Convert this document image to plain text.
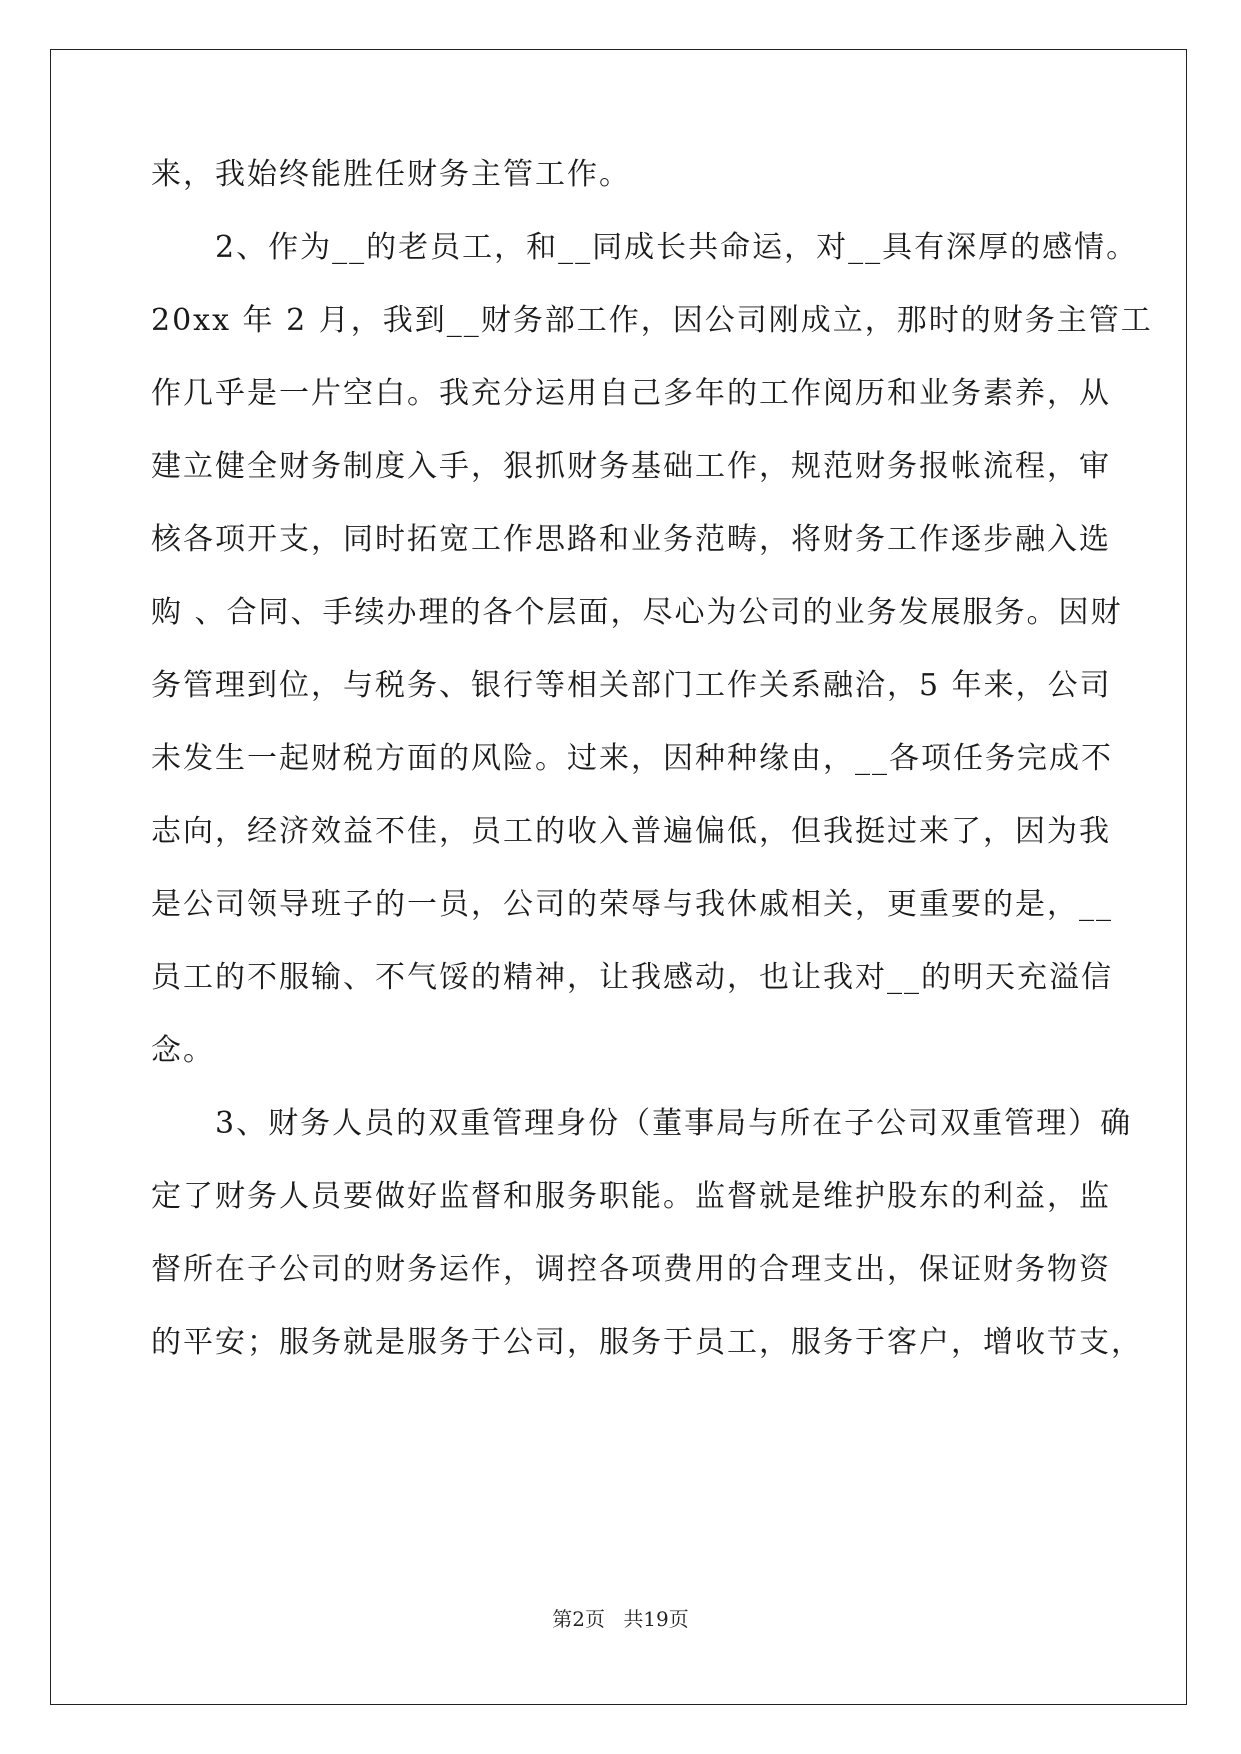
来，我始终能胜任财务主管工作。
　　2、作为__的老员工，和__同成长共命运，对__具有深厚的感情。
20xx 年 2 月，我到__财务部工作，因公司刚成立，那时的财务主管工
作几乎是一片空白。我充分运用自己多年的工作阅历和业务素养，从
建立健全财务制度入手，狠抓财务基础工作，规范财务报帐流程，审
核各项开支，同时拓宽工作思路和业务范畴，将财务工作逐步融入选
购 、合同、手续办理的各个层面，尽心为公司的业务发展服务。因财
务管理到位，与税务、银行等相关部门工作关系融洽，5 年来，公司
未发生一起财税方面的风险。过来，因种种缘由，__各项任务完成不
志向，经济效益不佳，员工的收入普遍偏低，但我挺过来了，因为我
是公司领导班子的一员，公司的荣辱与我休戚相关，更重要的是，__
员工的不服输、不气馁的精神，让我感动，也让我对__的明天充溢信
念。
　　3、财务人员的双重管理身份（董事局与所在子公司双重管理）确
定了财务人员要做好监督和服务职能。监督就是维护股东的利益，监
督所在子公司的财务运作，调控各项费用的合理支出，保证财务物资
的平安；服务就是服务于公司，服务于员工，服务于客户，增收节支，
第2页 共19页
